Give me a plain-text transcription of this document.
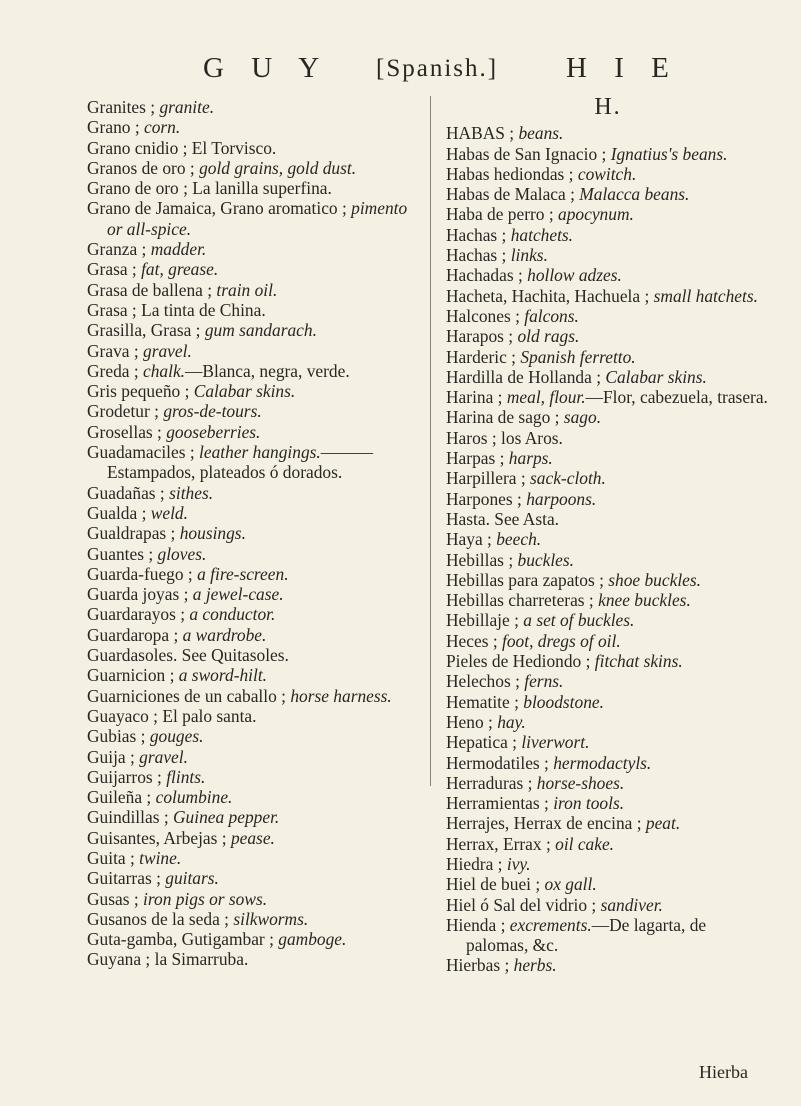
G U Y [Spanish.] H I E
Granites ; granite.
Grano ; corn.
Grano cnidio ; El Torvisco.
Granos de oro ; gold grains, gold dust.
Grano de oro ; La lanilla superfina.
Grano de Jamaica, Grano aromatico ; pimento or all-spice.
Granza ; madder.
Grasa ; fat, grease.
Grasa de ballena ; train oil.
Grasa ; La tinta de China.
Grasilla, Grasa ; gum sandarach.
Grava ; gravel.
Greda ; chalk.—Blanca, negra, verde.
Gris pequeño ; Calabar skins.
Grodetur ; gros-de-tours.
Grosellas ; gooseberries.
Guadamaciles ; leather hangings.——— Estampados, plateados ó dorados.
Guadañas ; sithes.
Gualda ; weld.
Gualdrapas ; housings.
Guantes ; gloves.
Guarda-fuego ; a fire-screen.
Guarda joyas ; a jewel-case.
Guardarayos ; a conductor.
Guardaropa ; a wardrobe.
Guardasoles. See Quitasoles.
Guarnicion ; a sword-hilt.
Guarniciones de un caballo ; horse harness.
Guayaco ; El palo santa.
Gubias ; gouges.
Guija ; gravel.
Guijarros ; flints.
Guileña ; columbine.
Guindillas ; Guinea pepper.
Guisantes, Arbejas ; pease.
Guita ; twine.
Guitarras ; guitars.
Gusas ; iron pigs or sows.
Gusanos de la seda ; silkworms.
Guta-gamba, Gutigambar ; gamboge.
Guyana ; la Simarruba.
H.
HABAS ; beans.
Habas de San Ignacio ; Ignatius's beans.
Habas hediondas ; cowitch.
Habas de Malaca ; Malacca beans.
Haba de perro ; apocynum.
Hachas ; hatchets.
Hachas ; links.
Hachadas ; hollow adzes.
Hacheta, Hachita, Hachuela ; small hatchets.
Halcones ; falcons.
Harapos ; old rags.
Harderic ; Spanish ferretto.
Hardilla de Hollanda ; Calabar skins.
Harina ; meal, flour.—Flor, cabezuela, trasera.
Harina de sago ; sago.
Haros ; los Aros.
Harpas ; harps.
Harpillera ; sack-cloth.
Harpones ; harpoons.
Hasta. See Asta.
Haya ; beech.
Hebillas ; buckles.
Hebillas para zapatos ; shoe buckles.
Hebillas charreteras ; knee buckles.
Hebillaje ; a set of buckles.
Heces ; foot, dregs of oil.
Pieles de Hediondo ; fitchat skins.
Helechos ; ferns.
Hematite ; bloodstone.
Heno ; hay.
Hepatica ; liverwort.
Hermodatiles ; hermodactyls.
Herraduras ; horse-shoes.
Herramientas ; iron tools.
Herrajes, Herrax de encina ; peat.
Herrax, Errax ; oil cake.
Hiedra ; ivy.
Hiel de buei ; ox gall.
Hiel ó Sal del vidrio ; sandiver.
Hienda ; excrements.—De lagarta, de palomas, &c.
Hierbas ; herbs.
Hierba
